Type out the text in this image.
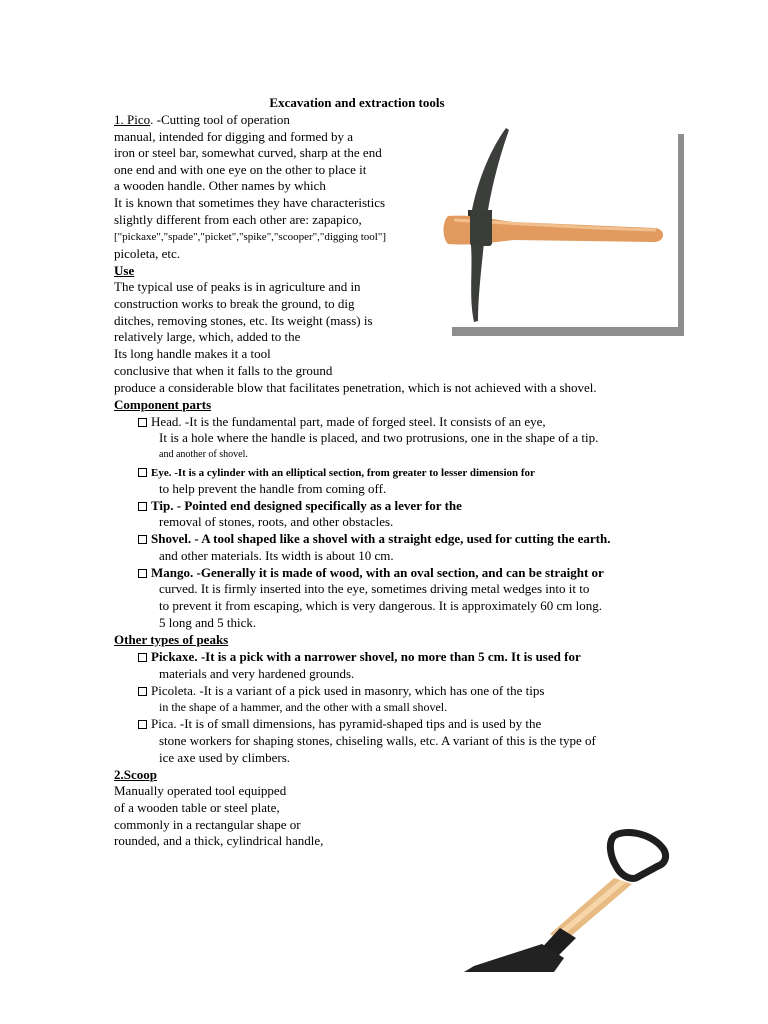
Excavation and extraction tools
1. Pico. -Cutting tool of operation
manual, intended for digging and formed by a
iron or steel bar, somewhat curved, sharp at the end
one end and with one eye on the other to place it
a wooden handle. Other names by which
It is known that sometimes they have characteristics
slightly different from each other are: zapapico,
["pickaxe","spade","picket","spike","scooper","digging tool"]
picoleta, etc.
Use
The typical use of peaks is in agriculture and in
construction works to break the ground, to dig
ditches, removing stones, etc. Its weight (mass) is
relatively large, which, added to the
Its long handle makes it a tool
conclusive that when it falls to the ground
produce a considerable blow that facilitates penetration, which is not achieved with a shovel.
Component parts
Head. -It is the fundamental part, made of forged steel. It consists of an eye,
It is a hole where the handle is placed, and two protrusions, one in the shape of a tip.
and another of shovel.
Eye. -It is a cylinder with an elliptical section, from greater to lesser dimension for
to help prevent the handle from coming off.
Tip. - Pointed end designed specifically as a lever for the
removal of stones, roots, and other obstacles.
Shovel. - A tool shaped like a shovel with a straight edge, used for cutting the earth.
and other materials. Its width is about 10 cm.
Mango. -Generally it is made of wood, with an oval section, and can be straight or
curved. It is firmly inserted into the eye, sometimes driving metal wedges into it to
to prevent it from escaping, which is very dangerous. It is approximately 60 cm long.
5 long and 5 thick.
Other types of peaks
Pickaxe. -It is a pick with a narrower shovel, no more than 5 cm. It is used for
materials and very hardened grounds.
Picoleta. -It is a variant of a pick used in masonry, which has one of the tips
in the shape of a hammer, and the other with a small shovel.
Pica. -It is of small dimensions, has pyramid-shaped tips and is used by the
stone workers for shaping stones, chiseling walls, etc. A variant of this is the type of
ice axe used by climbers.
2.Scoop
Manually operated tool equipped
of a wooden table or steel plate,
commonly in a rectangular shape or
rounded, and a thick, cylindrical handle,
